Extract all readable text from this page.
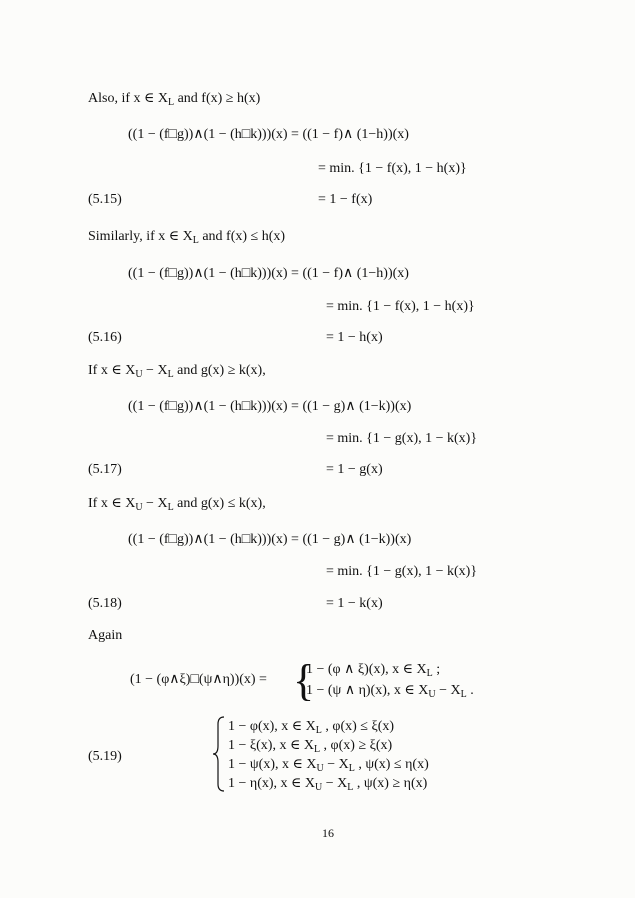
Also, if x ∈ $X_L$ and f(x) ≥ h(x)
((1 − (f□g))∧(1 − (h□k)))(x) = ((1 − f)∧ (1−h))(x)
= min. {1 − f(x), 1 − h(x)}
(5.15)	= 1 − f(x)
Similarly, if x ∈ $X_L$ and f(x) ≤ h(x)
((1 − (f□g))∧(1 − (h□k)))(x) = ((1 − f)∧ (1−h))(x)
= min. {1 − f(x), 1 − h(x)}
(5.16)	= 1 − h(x)
If x ∈ $X_U - X_L$ and g(x) ≥ k(x),
((1 − (f□g))∧(1 − (h□k)))(x) = ((1 − g)∧ (1−k))(x)
= min. {1 − g(x), 1 − k(x)}
(5.17)	= 1 − g(x)
If x ∈ $X_U - X_L$ and g(x) ≤ k(x),
((1 − (f□g))∧(1 − (h□k)))(x) = ((1 − g)∧ (1−k))(x)
= min. {1 − g(x), 1 − k(x)}
(5.18)	= 1 − k(x)
Again
(1 − (φ∧ξ)□(ψ∧η))(x) = {
1 − (φ ∧ ξ)(x), x ∈ $X_L$ ;
1 − (ψ ∧ η)(x), x ∈ $X_U - X_L$ .
(5.19)
1 − φ(x), x ∈ $X_L$ , φ(x) ≤ ξ(x)
1 − ξ(x), x ∈ $X_L$ , φ(x) ≥ ξ(x)
1 − ψ(x), x ∈ $X_U - X_L$ , ψ(x) ≤ η(x)
1 − η(x), x ∈ $X_U - X_L$ , ψ(x) ≥ η(x)
16
